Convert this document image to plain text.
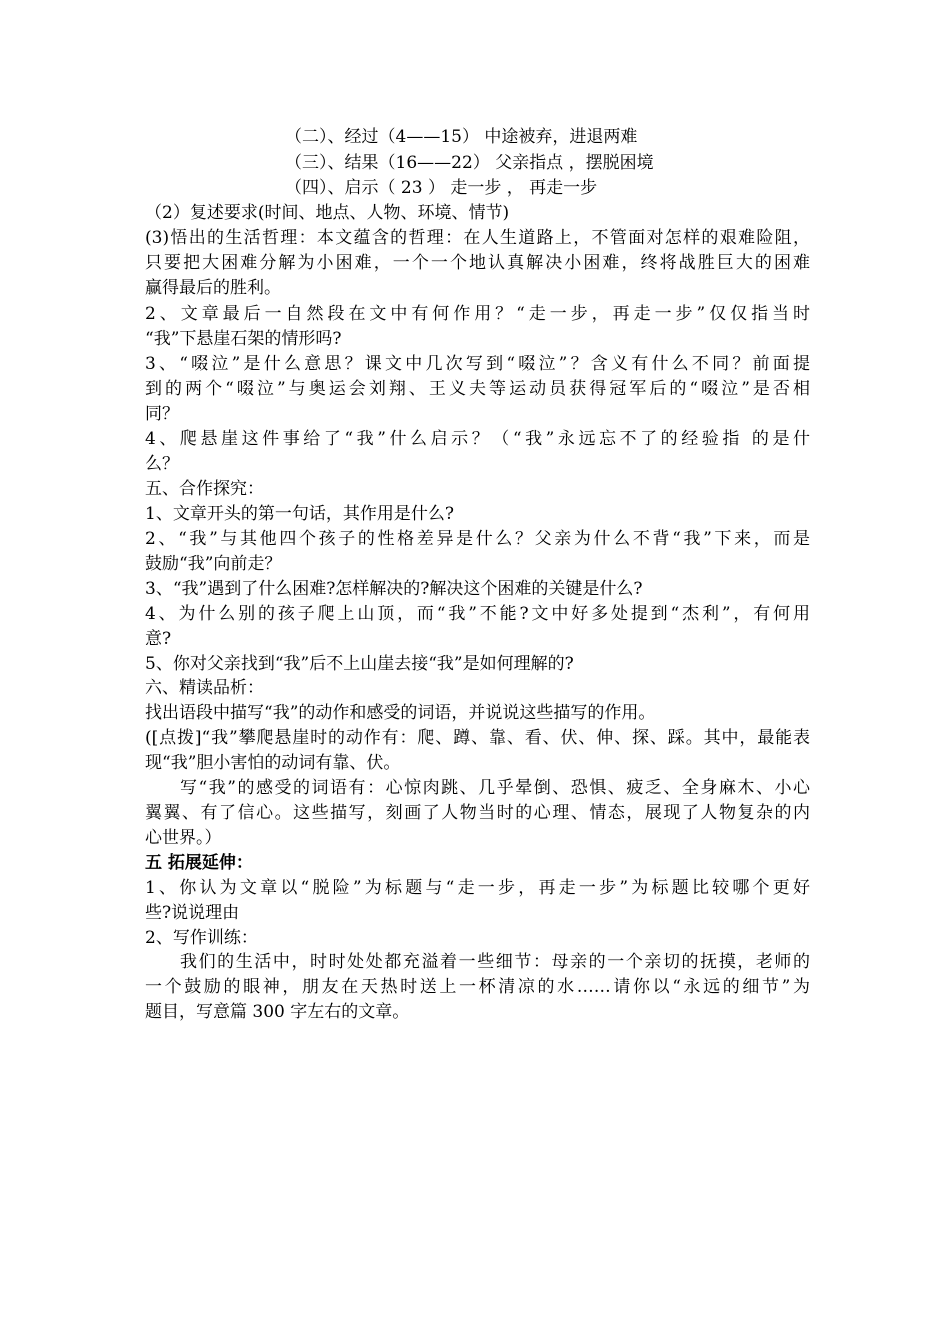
（二）、经过（4——15） 中途被弃，进退两难
（三）、结果（16——22） 父亲指点 ，摆脱困境
（四）、启示（ 23 ） 走一步 ， 再走一步
（2）复述要求(时间、地点、人物、环境、情节)
(3)悟出的生活哲理：本文蕴含的哲理：在人生道路上，不管面对怎样的艰难险阻，
只要把大困难分解为小困难，一个一个地认真解决小困难，终将战胜巨大的困难
赢得最后的胜利。
2、文章最后一自然段在文中有何作用？“走一步，再走一步”仅仅指当时
“我”下悬崖石架的情形吗?
3、“啜泣”是什么意思？课文中几次写到“啜泣”？含义有什么不同？前面提
到的两个“啜泣”与奥运会刘翔、王义夫等运动员获得冠军后的“啜泣”是否相
同？
4、爬悬崖这件事给了“我”什么启示？（“我”永远忘不了的经验指 的是什
么？
五、合作探究：
1、文章开头的第一句话，其作用是什么?
2、“我”与其他四个孩子的性格差异是什么？父亲为什么不背“我”下来，而是
鼓励“我”向前走？
3、“我”遇到了什么困难?怎样解决的?解决这个困难的关键是什么?
4、为什么别的孩子爬上山顶，而“我”不能?文中好多处提到“杰利”，有何用
意?
5、你对父亲找到“我”后不上山崖去接“我”是如何理解的?
六、精读品析：
找出语段中描写“我”的动作和感受的词语，并说说这些描写的作用。
([点拨]“我”攀爬悬崖时的动作有：爬、蹲、靠、看、伏、伸、探、踩。其中，最能表
现“我”胆小害怕的动词有靠、伏。
写“我”的感受的词语有：心惊肉跳、几乎晕倒、恐惧、疲乏、全身麻木、小心
翼翼、有了信心。这些描写，刻画了人物当时的心理、情态，展现了人物复杂的内
心世界。）
五 拓展延伸：
1、你认为文章以“脱险”为标题与“走一步，再走一步”为标题比较哪个更好
些?说说理由
2、写作训练：
我们的生活中，时时处处都充溢着一些细节：母亲的一个亲切的抚摸，老师的
一个鼓励的眼神，朋友在天热时送上一杯清凉的水……请你以“永远的细节”为
题目，写意篇 300 字左右的文章。
